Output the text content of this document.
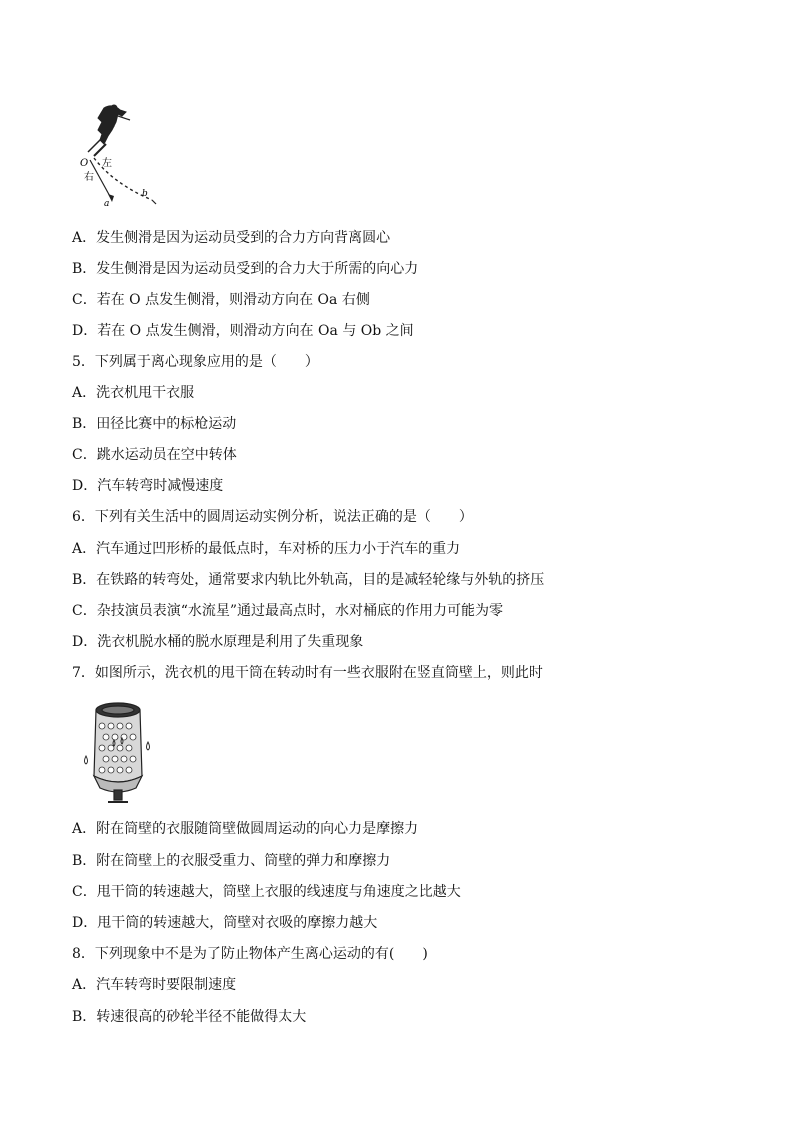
O 左
右
a
b
A．发生侧滑是因为运动员受到的合力方向背离圆心
B．发生侧滑是因为运动员受到的合力大于所需的向心力
C．若在 O 点发生侧滑，则滑动方向在 Oa 右侧
D．若在 O 点发生侧滑，则滑动方向在 Oa 与 Ob 之间
5．下列属于离心现象应用的是（　　）
A．洗衣机甩干衣服
B．田径比赛中的标枪运动
C．跳水运动员在空中转体
D．汽车转弯时减慢速度
6．下列有关生活中的圆周运动实例分析，说法正确的是（　　）
A．汽车通过凹形桥的最低点时，车对桥的压力小于汽车的重力
B．在铁路的转弯处，通常要求内轨比外轨高，目的是减轻轮缘与外轨的挤压
C．杂技演员表演“水流星”通过最高点时，水对桶底的作用力可能为零
D．洗衣机脱水桶的脱水原理是利用了失重现象
7．如图所示，洗衣机的甩干筒在转动时有一些衣服附在竖直筒壁上，则此时
A．附在筒壁的衣服随筒壁做圆周运动的向心力是摩擦力
B．附在筒壁上的衣服受重力、筒壁的弹力和摩擦力
C．甩干筒的转速越大，筒壁上衣服的线速度与角速度之比越大
D．甩干筒的转速越大，筒壁对衣吸的摩擦力越大
8．下列现象中不是为了防止物体产生离心运动的有(　　)
A．汽车转弯时要限制速度
B．转速很高的砂轮半径不能做得太大
